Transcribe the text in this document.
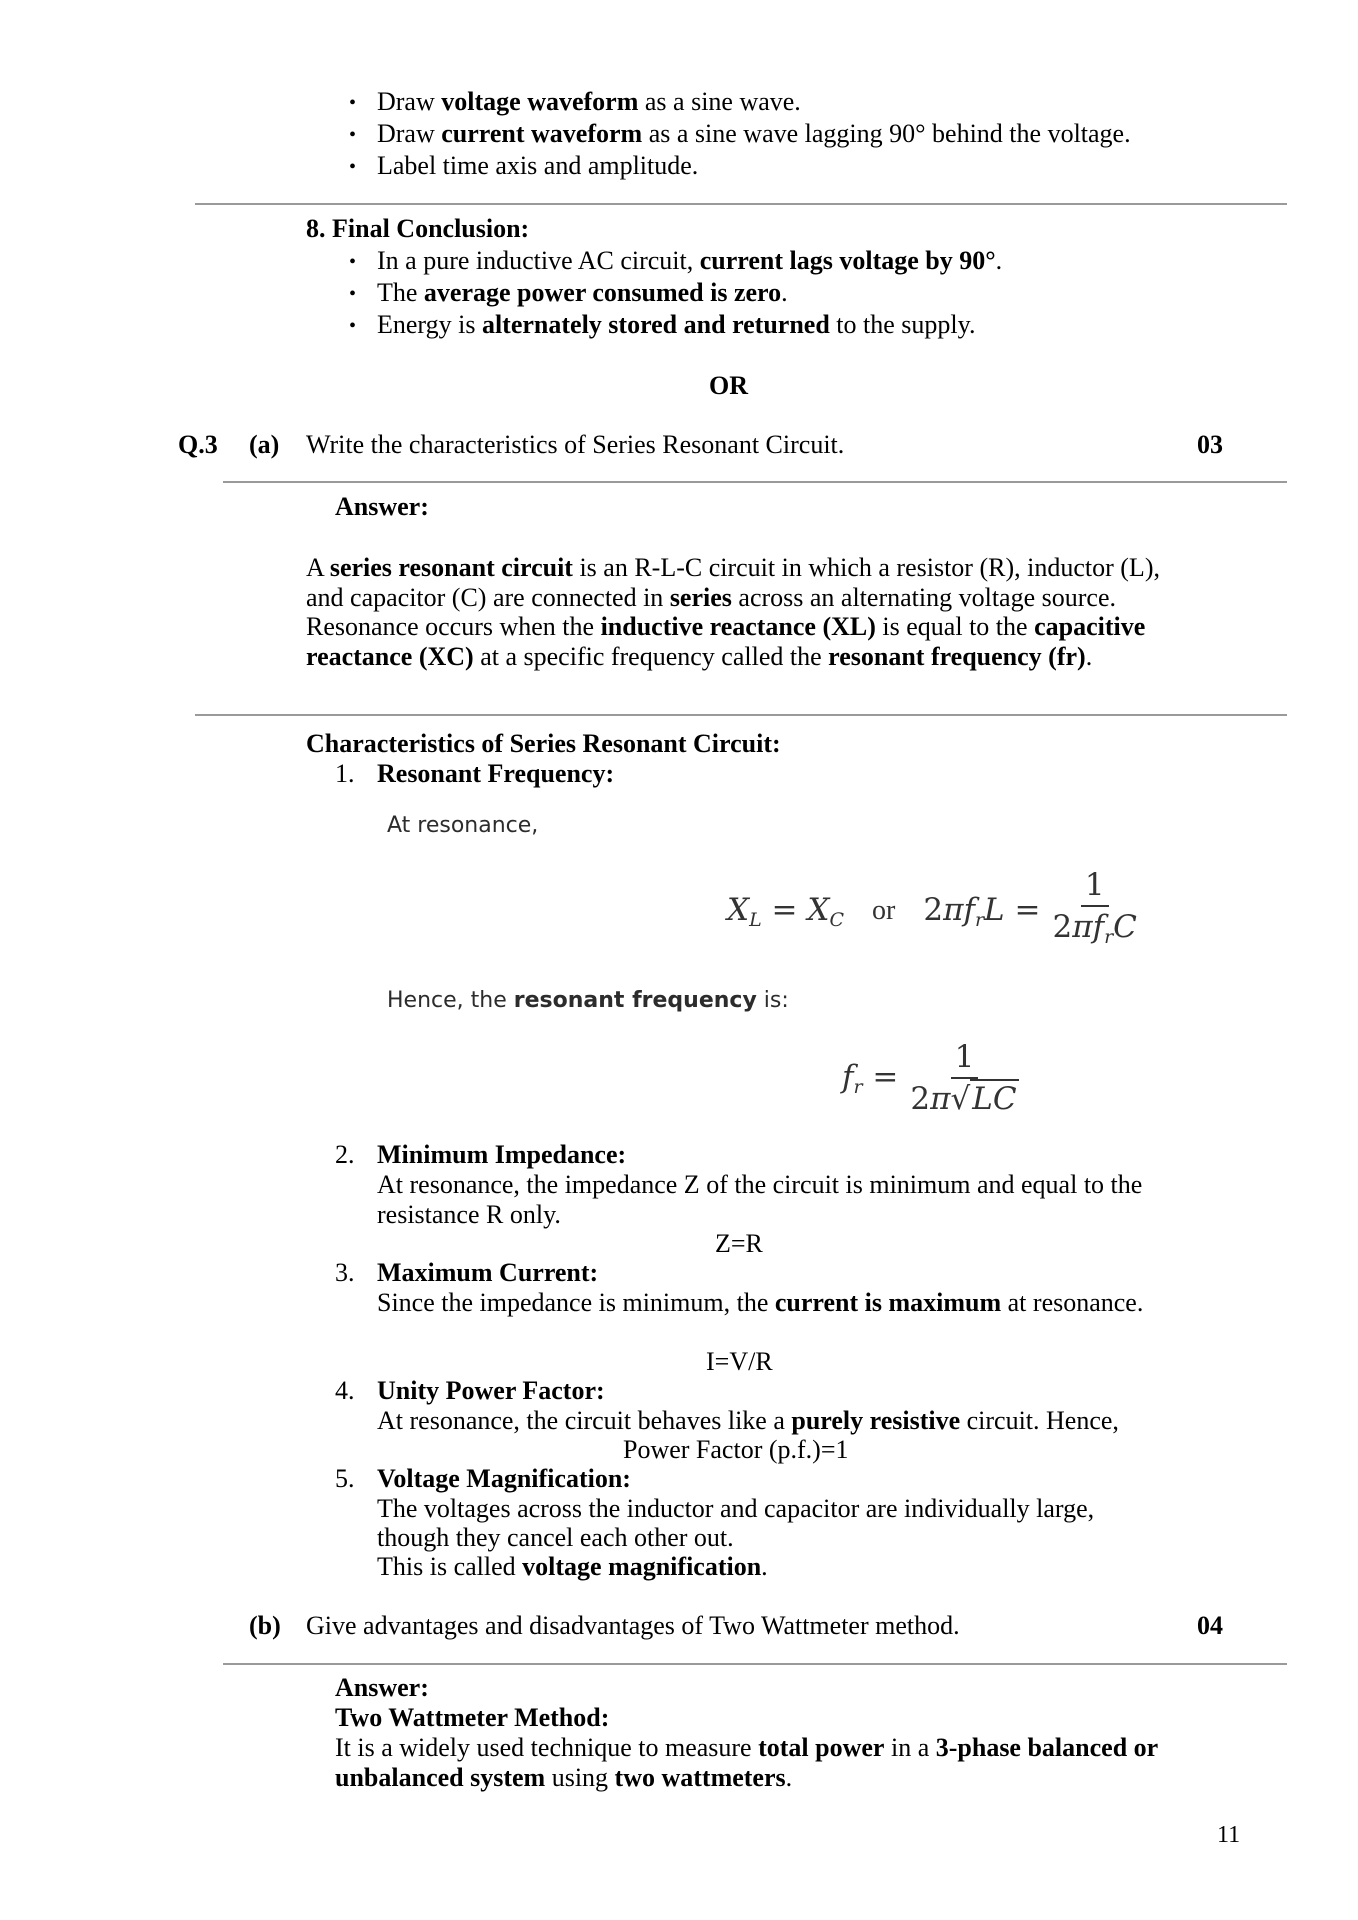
• Draw voltage waveform as a sine wave.
• Draw current waveform as a sine wave lagging 90° behind the voltage.
• Label time axis and amplitude.
8. Final Conclusion:
• In a pure inductive AC circuit, current lags voltage by 90°.
• The average power consumed is zero.
• Energy is alternately stored and returned to the supply.
OR
Q.3 (a) Write the characteristics of Series Resonant Circuit.	03
Answer:
A series resonant circuit is an R-L-C circuit in which a resistor (R), inductor (L), and capacitor (C) are connected in series across an alternating voltage source. Resonance occurs when the inductive reactance (XL) is equal to the capacitive reactance (XC) at a specific frequency called the resonant frequency (fr).
Characteristics of Series Resonant Circuit:
1. Resonant Frequency:
At resonance,
$X_L = X_C$ or $2\pi f_rL = \frac{1}{2\pi f_rC}$
Hence, the resonant frequency is:
$f_r = \frac{1}{2\pi√LC}$
2. Minimum Impedance:
At resonance, the impedance Z of the circuit is minimum and equal to the resistance R only.
Z=R
3. Maximum Current:
Since the impedance is minimum, the current is maximum at resonance.
I=V/R
4. Unity Power Factor:
At resonance, the circuit behaves like a purely resistive circuit. Hence,
Power Factor (p.f.)=1
5. Voltage Magnification:
The voltages across the inductor and capacitor are individually large,
though they cancel each other out.
This is called voltage magnification.
(b) Give advantages and disadvantages of Two Wattmeter method.	04
Answer:
Two Wattmeter Method:
It is a widely used technique to measure total power in a 3-phase balanced or unbalanced system using two wattmeters.
11
